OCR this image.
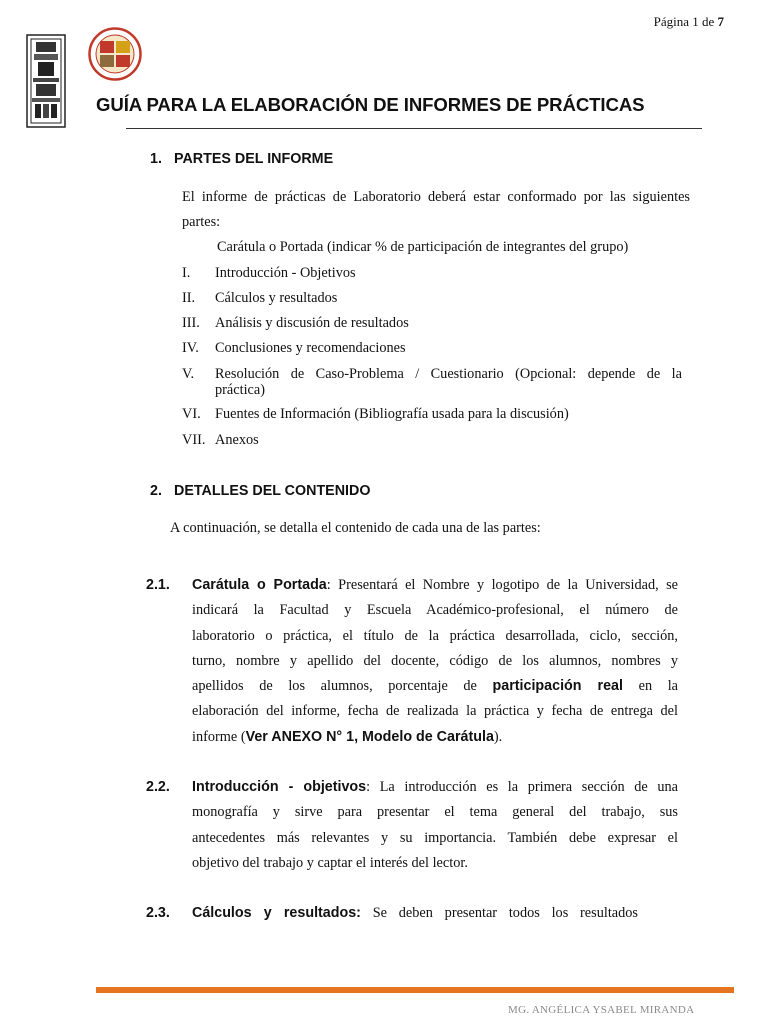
Página 1 de 7
GUÍA PARA LA ELABORACIÓN DE INFORMES DE PRÁCTICAS
1. PARTES DEL INFORME
El informe de prácticas de Laboratorio deberá estar conformado por las siguientes
partes:
Carátula o Portada (indicar % de participación de integrantes del grupo)
I. Introducción - Objetivos
II. Cálculos y resultados
III. Análisis y discusión de resultados
IV. Conclusiones y recomendaciones
V. Resolución de Caso-Problema / Cuestionario (Opcional: depende de la
práctica)
VI. Fuentes de Información (Bibliografía usada para la discusión)
VII. Anexos
2. DETALLES DEL CONTENIDO
A continuación, se detalla el contenido de cada una de las partes:
2.1. Carátula o Portada: Presentará el Nombre y logotipo de la Universidad, se
indicará la Facultad y Escuela Académico-profesional, el número de
laboratorio o práctica, el título de la práctica desarrollada, ciclo, sección,
turno, nombre y apellido del docente, código de los alumnos, nombres y
apellidos de los alumnos, porcentaje de participación real en la
elaboración del informe, fecha de realizada la práctica y fecha de entrega del
informe (Ver ANEXO N° 1, Modelo de Carátula).
2.2. Introducción - objetivos: La introducción es la primera sección de una
monografía y sirve para presentar el tema general del trabajo, sus
antecedentes más relevantes y su importancia. También debe expresar el
objetivo del trabajo y captar el interés del lector.
2.3. Cálculos y resultados: Se deben presentar todos los resultados
MG. ANGÉLICA YSABEL MIRANDA
